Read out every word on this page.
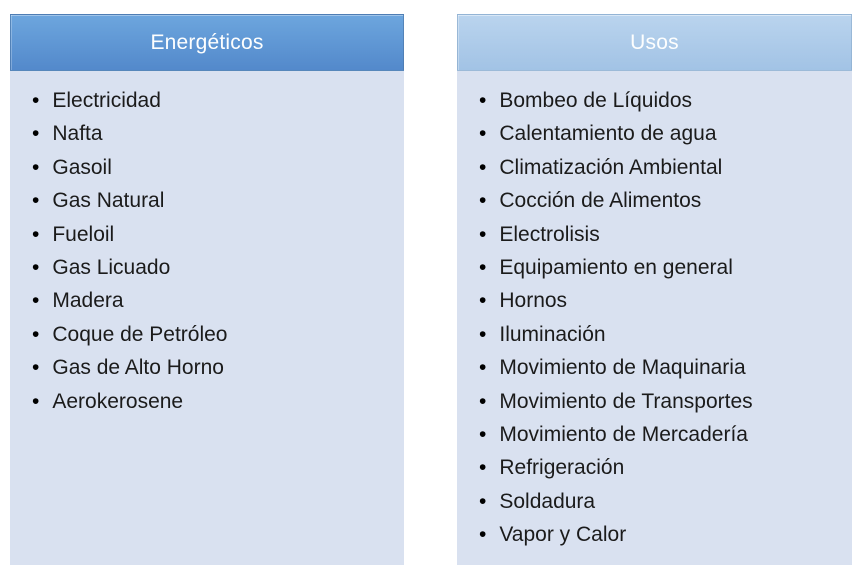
Energéticos
• Electricidad
• Nafta
• Gasoil
• Gas Natural
• Fueloil
• Gas Licuado
• Madera
• Coque de Petróleo
• Gas de Alto Horno
• Aerokerosene
Usos
• Bombeo de Líquidos
• Calentamiento de agua
• Climatización Ambiental
• Cocción de Alimentos
• Electrolisis
• Equipamiento en general
• Hornos
• Iluminación
• Movimiento de Maquinaria
• Movimiento de Transportes
• Movimiento de Mercadería
• Refrigeración
• Soldadura
• Vapor y Calor
